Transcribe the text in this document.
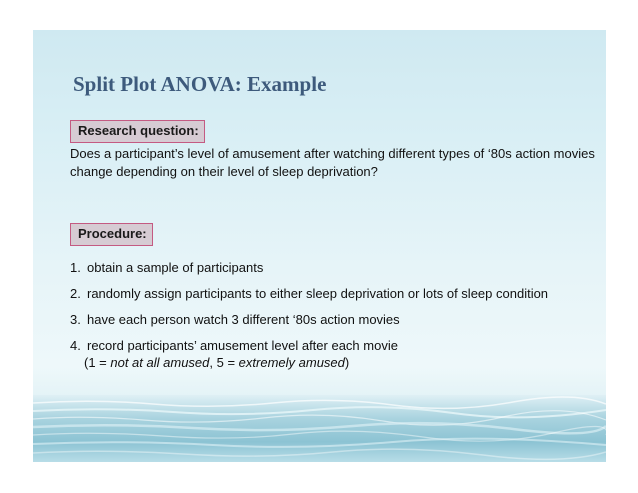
Split Plot ANOVA: Example
Research question:

Does a participant’s level of amusement after watching different types of ‘80s action movies change depending on their level of sleep deprivation?

Procedure:
1. obtain a sample of participants
2. randomly assign participants to either sleep deprivation or lots of sleep condition
3. have each person watch 3 different ‘80s action movies
4. record participants’ amusement level after each movie
(1 = not at all amused, 5 = extremely amused)
